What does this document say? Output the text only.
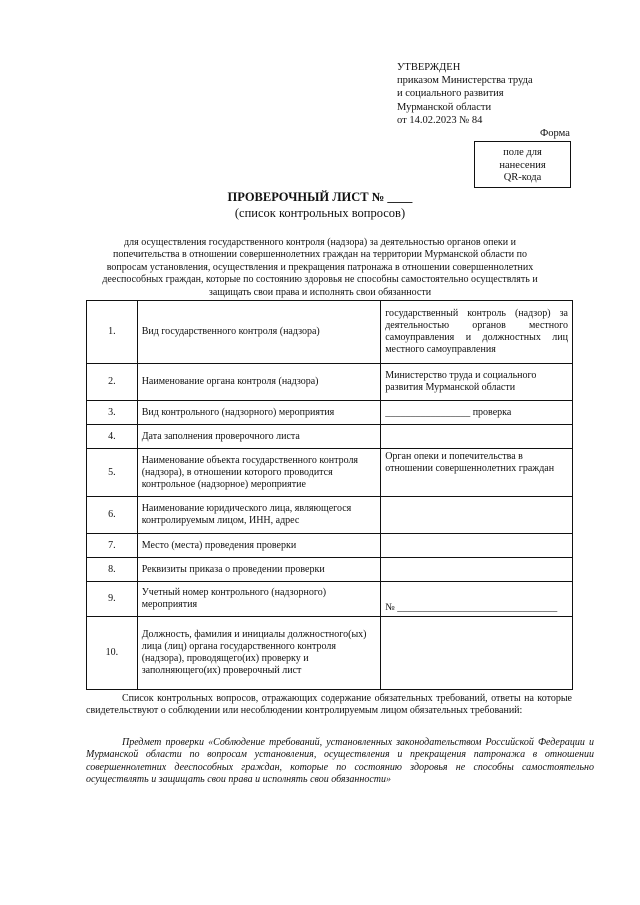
УТВЕРЖДЕН
приказом Министерства труда
и социального развития
Мурманской области
от 14.02.2023 № 84
Форма
поле для
нанесения
QR-кода
ПРОВЕРОЧНЫЙ ЛИСТ № ____
(список контрольных вопросов)
для осуществления государственного контроля (надзора) за деятельностью органов опеки и попечительства в отношении совершеннолетних граждан на территории Мурманской области по вопросам установления, осуществления и прекращения патронажа в отношении совершеннолетних дееспособных граждан, которые по состоянию здоровья не способны самостоятельно осуществлять и защищать свои права и исполнять свои обязанности
1.	Вид государственного контроля (надзора)	государственный контроль (надзор) за деятельностью органов местного самоуправления и должностных лиц местного самоуправления
2.	Наименование органа контроля (надзора)	Министерство труда и социального развития Мурманской области
3.	Вид контрольного (надзорного) мероприятия	_________________ проверка
4.	Дата заполнения проверочного листа	
5.	Наименование объекта государственного контроля (надзора), в отношении которого проводится контрольное (надзорное) мероприятие	Орган опеки и попечительства в отношении совершеннолетних граждан
6.	Наименование юридического лица, являющегося контролируемым лицом, ИНН, адрес	
7.	Место (места) проведения проверки	
8.	Реквизиты приказа о проведении проверки	
9.	Учетный номер контрольного (надзорного) мероприятия	№ ________________________________
10.	Должность, фамилия и инициалы должностного(ых) лица (лиц) органа государственного контроля (надзора), проводящего(их) проверку и заполняющего(их) проверочный лист	
Список контрольных вопросов, отражающих содержание обязательных требований, ответы на которые свидетельствуют о соблюдении или несоблюдении контролируемым лицом обязательных требований:
Предмет проверки «Соблюдение требований, установленных законодательством Российской Федерации и Мурманской области по вопросам установления, осуществления и прекращения патронажа в отношении совершеннолетних дееспособных граждан, которые по состоянию здоровья не способны самостоятельно осуществлять и защищать свои права и исполнять свои обязанности»
